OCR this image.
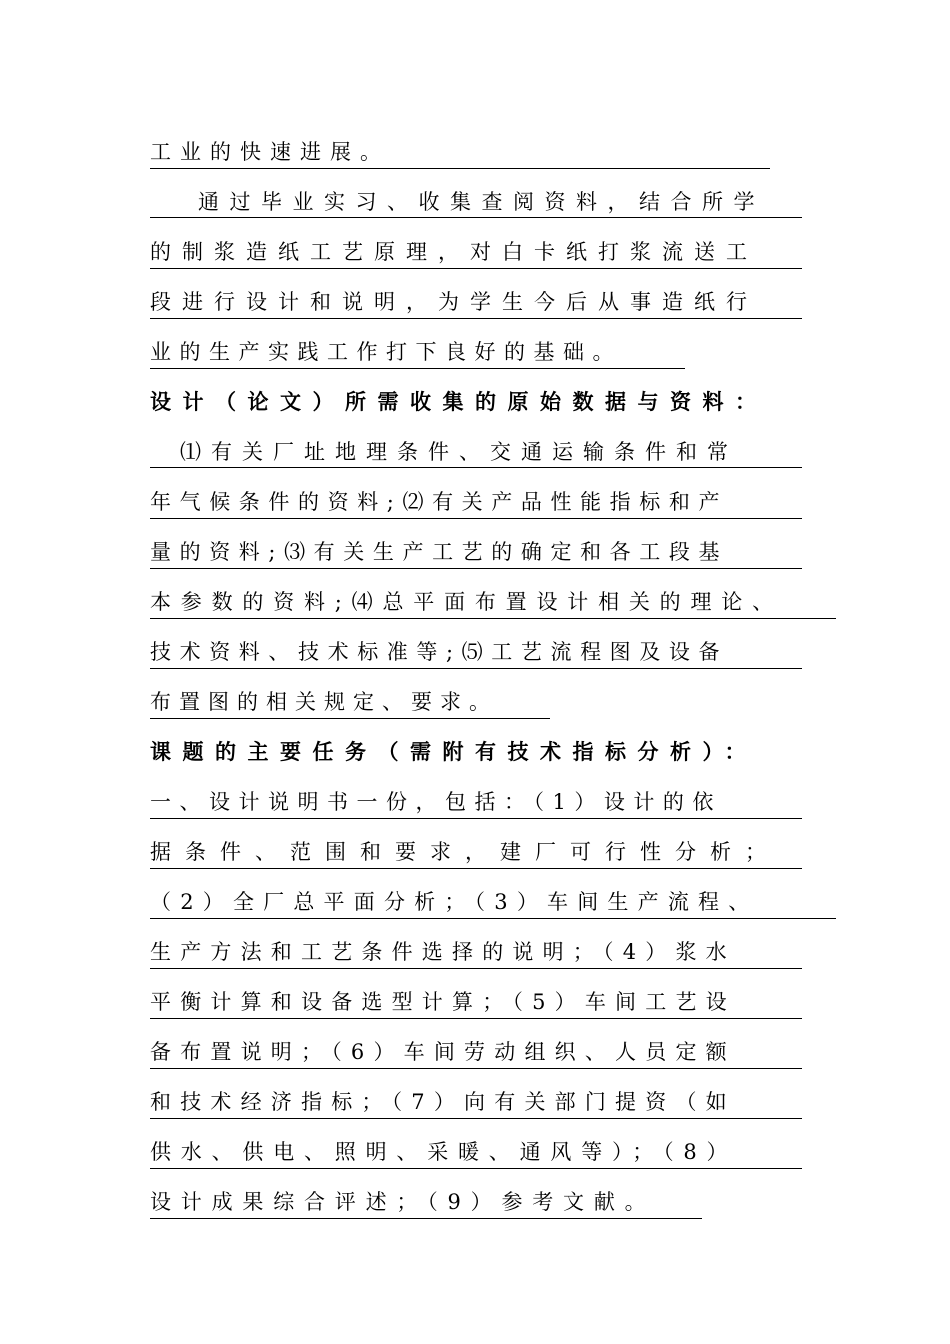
工业的快速进展。
通过毕业实习、收集查阅资料，结合所学
的制浆造纸工艺原理，对白卡纸打浆流送工
段进行设计和说明，为学生今后从事造纸行
业的生产实践工作打下良好的基础。
设计（论文）所需收集的原始数据与资料：
⑴有关厂址地理条件、交通运输条件和常
年气候条件的资料;⑵有关产品性能指标和产
量的资料;⑶有关生产工艺的确定和各工段基
本参数的资料;⑷总平面布置设计相关的理论、
技术资料、技术标准等;⑸工艺流程图及设备
布置图的相关规定、要求。
课题的主要任务（需附有技术指标分析）：
一、设计说明书一份，包括：（1）设计的依
据条件、范围和要求，建厂可行性分析；
（2）全厂总平面分析；（3）车间生产流程、
生产方法和工艺条件选择的说明；（4）浆水
平衡计算和设备选型计算；（5）车间工艺设
备布置说明；（6）车间劳动组织、人员定额
和技术经济指标；（7）向有关部门提资（如
供水、供电、照明、采暖、通风等）；（8）
设计成果综合评述；（9）参考文献。
